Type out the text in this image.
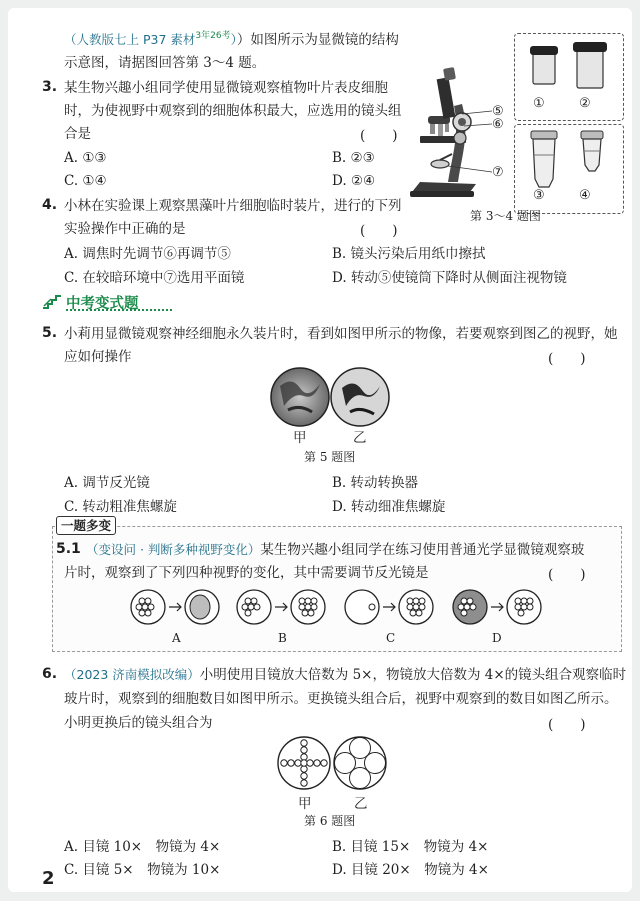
（人教版七上 P37 素材$^{3年26考}$））如图所示为显微镜的结构
示意图，请据图回答第 3～4 题。
3. 某生物兴趣小组同学使用显微镜观察植物叶片表皮细胞
时，为使视野中观察到的细胞体积最大，应选用的镜头组
合是	(　　)
A. ①③	B. ②③
C. ①④	D. ②④
4. 小林在实验课上观察黑藻叶片细胞临时装片，进行的下列
实验操作中正确的是	(　　)
A. 调焦时先调节⑥再调节⑤	B. 镜头污染后用纸巾擦拭
C. 在较暗环境中⑦选用平面镜	D. 转动⑤使镜筒下降时从侧面注视物镜
⑤
⑥
⑦
①	②
③	④
第 3～4 题图
中考变式题
5. 小莉用显微镜观察神经细胞永久装片时，看到如图甲所示的物像，若要观察到图乙的视野，她
应如何操作	(　　)
甲	乙
第 5 题图
A. 调节反光镜	B. 转动转换器
C. 转动粗准焦螺旋	D. 转动细准焦螺旋
一题多变
5.1 （变设问 · 判断多种视野变化）某生物兴趣小组同学在练习使用普通光学显微镜观察玻
片时，观察到了下列四种视野的变化，其中需要调节反光镜是	(　　)
A	B	C	D
6. （2023 济南模拟改编）小明使用目镜放大倍数为 5×，物镜放大倍数为 4×的镜头组合观察临时
玻片时，观察到的细胞数目如图甲所示。更换镜头组合后，视野中观察到的数目如图乙所示。
小明更换后的镜头组合为	(　　)
甲	乙
第 6 题图
A. 目镜 10×　物镜为 4×	B. 目镜 15×　物镜为 4×
C. 目镜 5×　物镜为 10×	D. 目镜 20×　物镜为 4×
2
